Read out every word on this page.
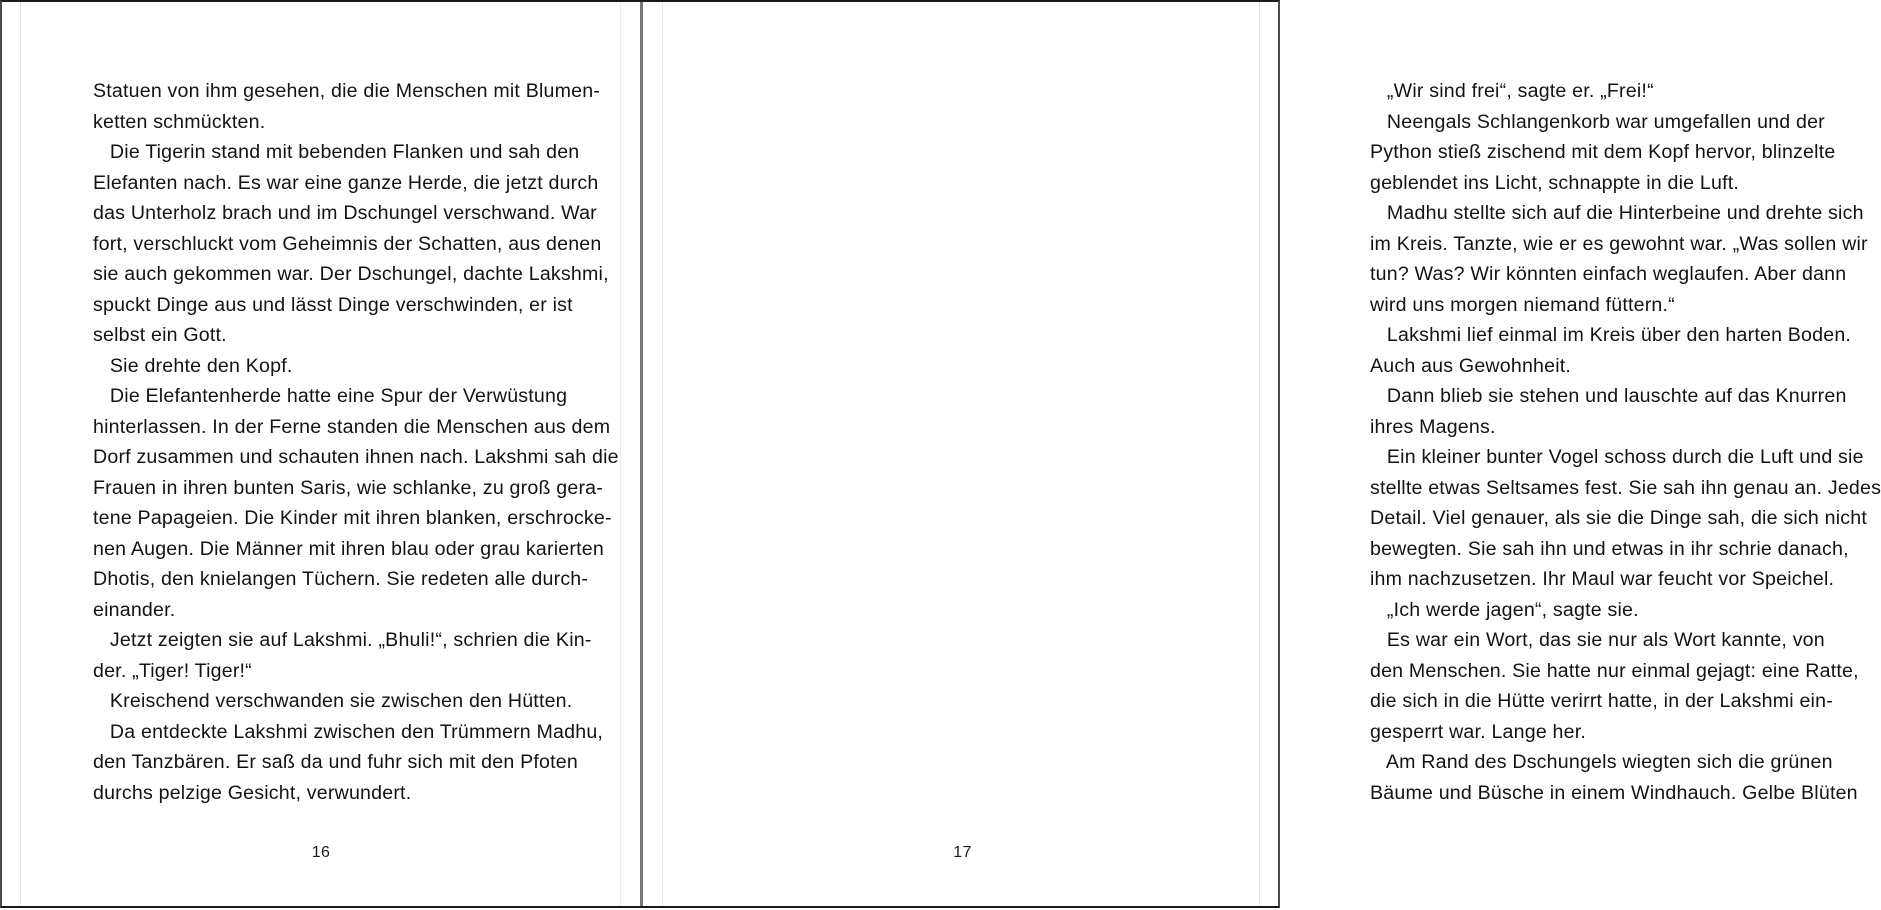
Statuen von ihm gesehen, die die Menschen mit Blumen-
ketten schmückten.
Die Tigerin stand mit bebenden Flanken und sah den
Elefanten nach. Es war eine ganze Herde, die jetzt durch
das Unterholz brach und im Dschungel verschwand. War
fort, verschluckt vom Geheimnis der Schatten, aus denen
sie auch gekommen war. Der Dschungel, dachte Lakshmi,
spuckt Dinge aus und lässt Dinge verschwinden, er ist
selbst ein Gott.
Sie drehte den Kopf.
Die Elefantenherde hatte eine Spur der Verwüstung
hinterlassen. In der Ferne standen die Menschen aus dem
Dorf zusammen und schauten ihnen nach. Lakshmi sah die
Frauen in ihren bunten Saris, wie schlanke, zu groß gera-
tene Papageien. Die Kinder mit ihren blanken, erschrocke-
nen Augen. Die Männer mit ihren blau oder grau karierten
Dhotis, den knielangen Tüchern. Sie redeten alle durch-
einander.
Jetzt zeigten sie auf Lakshmi. „Bhuli!“, schrien die Kin-
der. „Tiger! Tiger!“
Kreischend verschwanden sie zwischen den Hütten.
Da entdeckte Lakshmi zwischen den Trümmern Madhu,
den Tanzbären. Er saß da und fuhr sich mit den Pfoten
durchs pelzige Gesicht, verwundert.
16
„Wir sind frei“, sagte er. „Frei!“
Neengals Schlangenkorb war umgefallen und der
Python stieß zischend mit dem Kopf hervor, blinzelte
geblendet ins Licht, schnappte in die Luft.
Madhu stellte sich auf die Hinterbeine und drehte sich
im Kreis. Tanzte, wie er es gewohnt war. „Was sollen wir
tun? Was? Wir könnten einfach weglaufen. Aber dann
wird uns morgen niemand füttern.“
Lakshmi lief einmal im Kreis über den harten Boden.
Auch aus Gewohnheit.
Dann blieb sie stehen und lauschte auf das Knurren
ihres Magens.
Ein kleiner bunter Vogel schoss durch die Luft und sie
stellte etwas Seltsames fest. Sie sah ihn genau an. Jedes
Detail. Viel genauer, als sie die Dinge sah, die sich nicht
bewegten. Sie sah ihn und etwas in ihr schrie danach,
ihm nachzusetzen. Ihr Maul war feucht vor Speichel.
„Ich werde jagen“, sagte sie.
Es war ein Wort, das sie nur als Wort kannte, von
den Menschen. Sie hatte nur einmal gejagt: eine Ratte,
die sich in die Hütte verirrt hatte, in der Lakshmi ein-
gesperrt war. Lange her.
Am Rand des Dschungels wiegten sich die grünen
Bäume und Büsche in einem Windhauch. Gelbe Blüten
17
